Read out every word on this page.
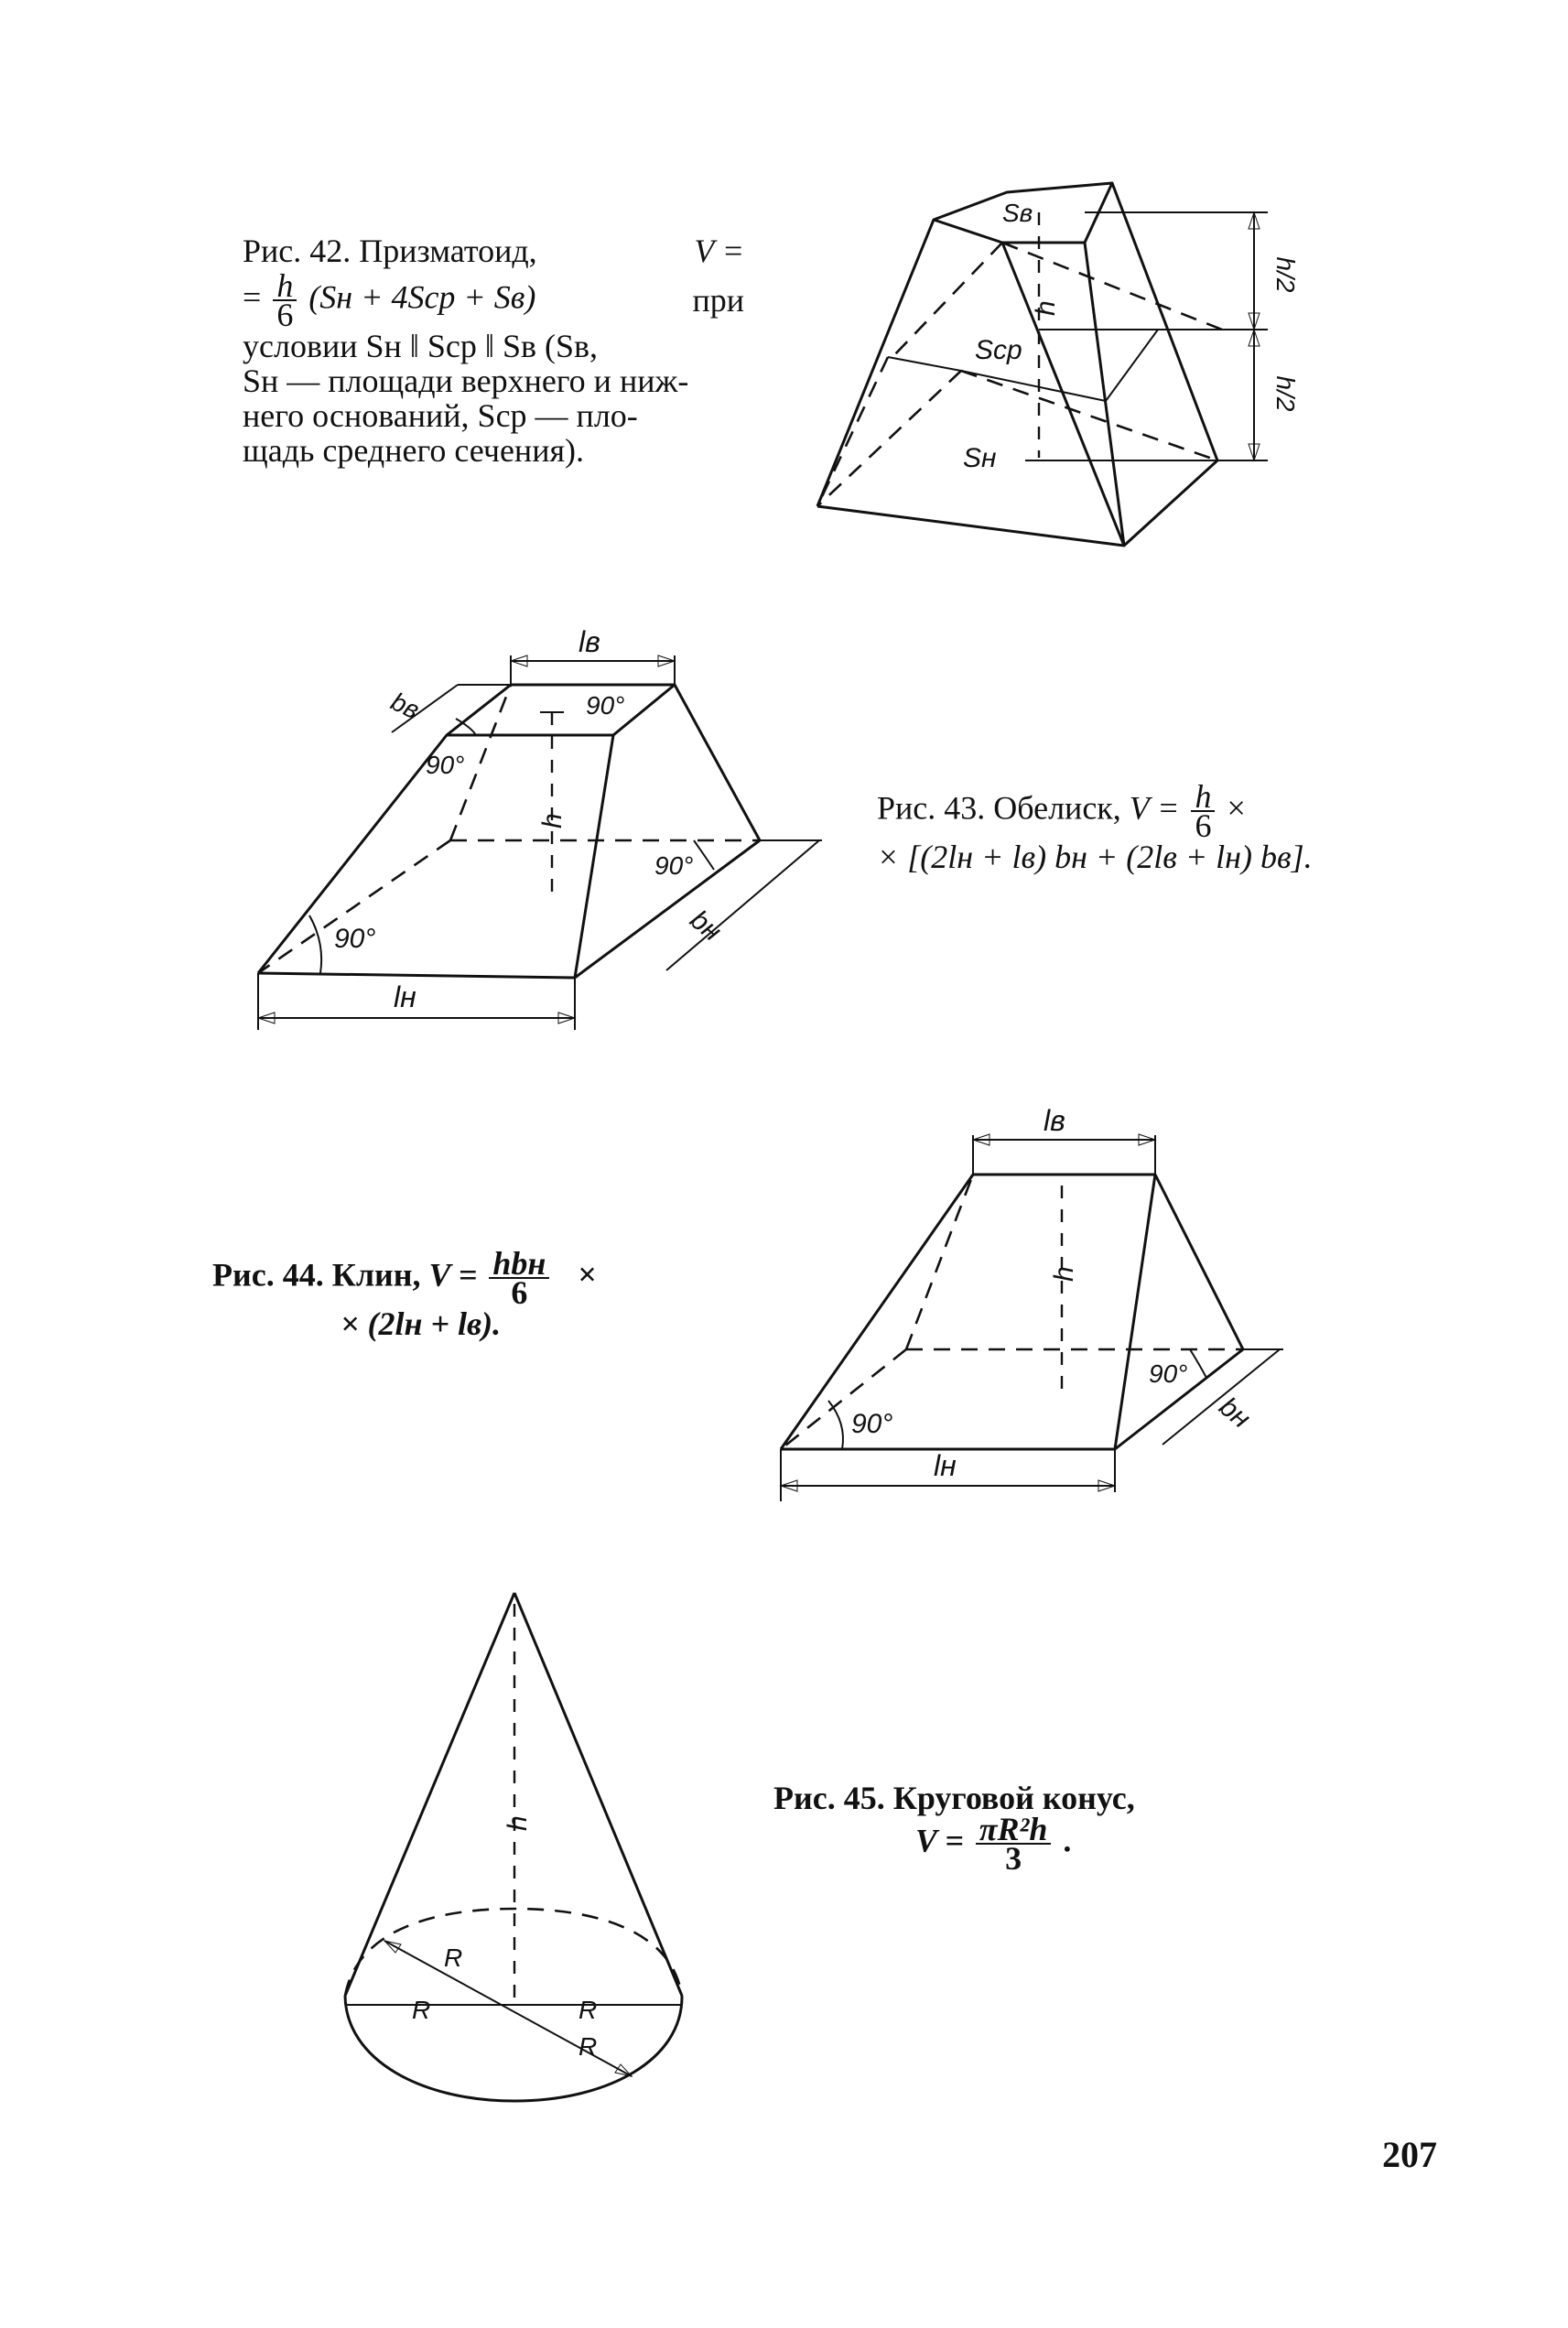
Рис. 42. Призматоид,	V =
= $\frac{h}{6} (Sн + 4Sср + Sв)$	при
условии Sн ‖ Sср ‖ Sв (Sв,
Sн — площади верхнего и ниж-
него оснований, Sср — пло-
щадь среднего сечения).
Sв
Sср
Sн
h
h/2
h/2
lв
bв	90°
90°
h
90°
bн
90°
lн
lв
h
90°
bн
90°
lн
h
R
R	R
R
Рис. 43. Обелиск, $V = \frac{h}{6}$ ×
× [(2lн + lв) bн + (2lв + lн) bв].
Рис. 44. Клин, $V = \frac{\text{hbн}}{6}$ ×
× (2lн + lв).
Рис. 45. Круговой конус,
$V = \frac{\text{πR²h}}{3}$ .
207
